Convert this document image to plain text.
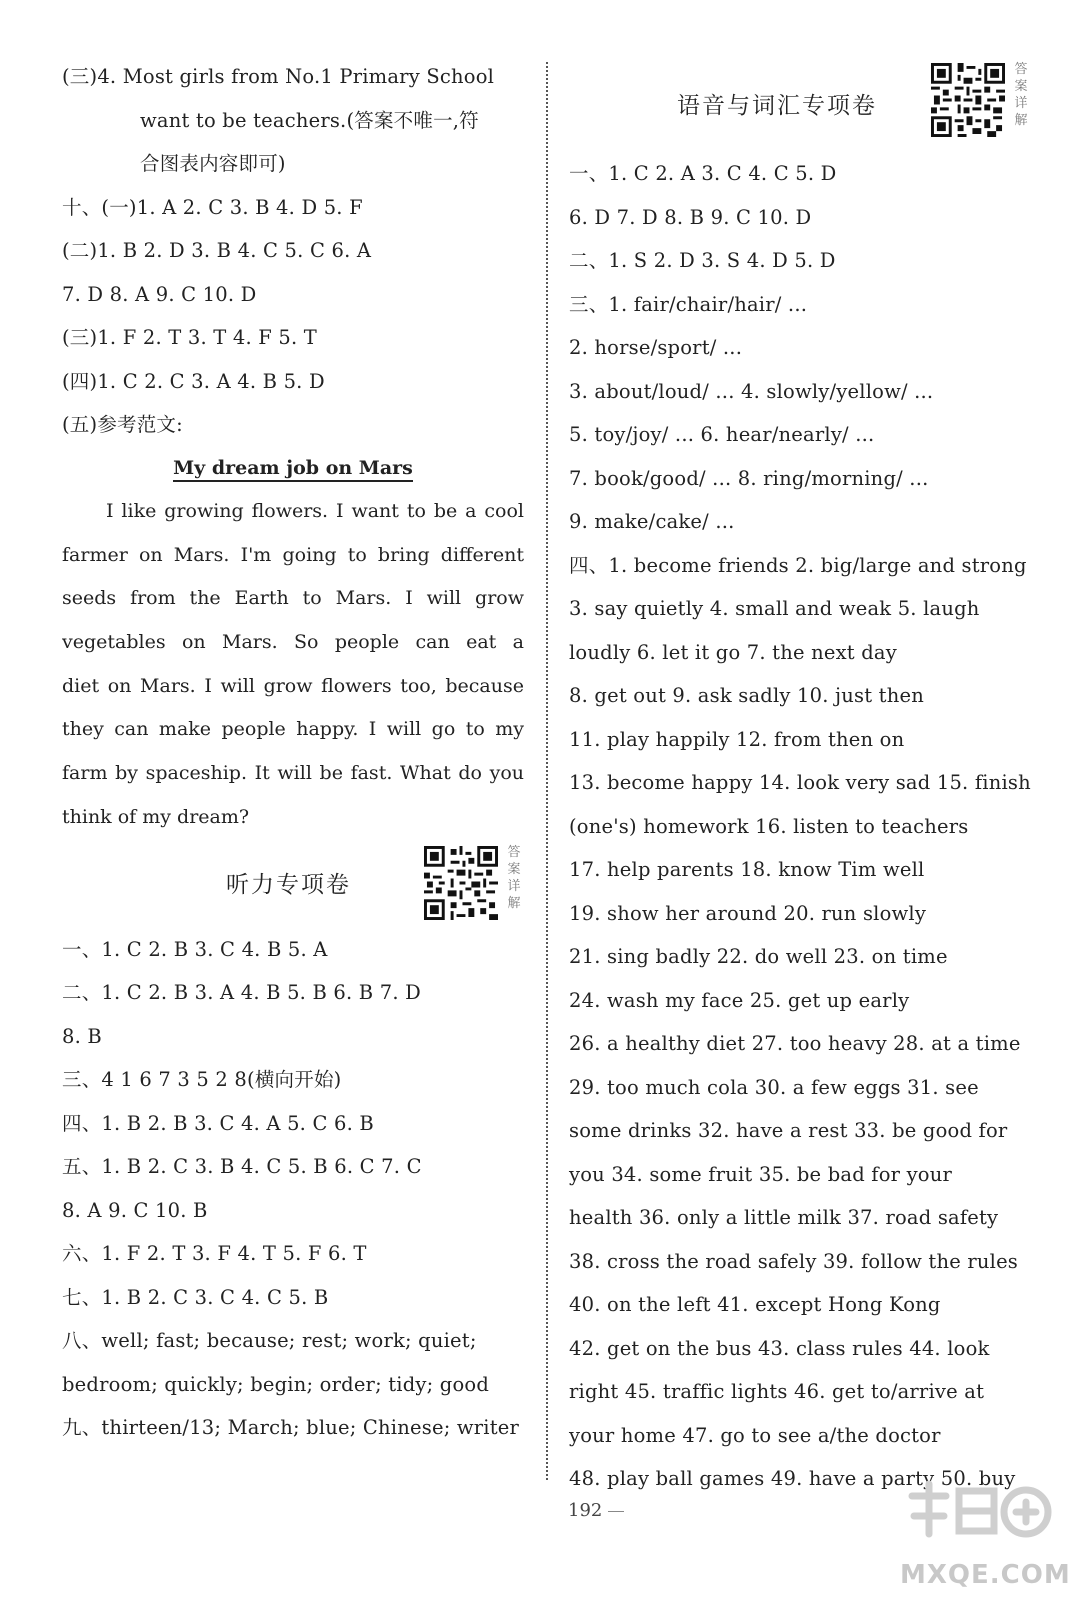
(三)4. Most girls from No.1 Primary School
want to be teachers.(答案不唯一,符
合图表内容即可)
十、(一)1. A 2. C 3. B 4. D 5. F
(二)1. B 2. D 3. B 4. C 5. C 6. A
7. D 8. A 9. C 10. D
(三)1. F 2. T 3. T 4. F 5. T
(四)1. C 2. C 3. A 4. B 5. D
(五)参考范文:
My dream job on Mars
I like growing flowers. I want to be a cool
farmer on Mars. I'm going to bring different
seeds from the Earth to Mars. I will grow
vegetables on Mars. So people can eat a
diet on Mars. I will grow flowers too, because
they can make people happy. I will go to my
farm by spaceship. It will be fast. What do you
think of my dream?
听力专项卷
答案详解
一、1. C 2. B 3. C 4. B 5. A
二、1. C 2. B 3. A 4. B 5. B 6. B 7. D
8. B
三、4 1 6 7 3 5 2 8(横向开始)
四、1. B 2. B 3. C 4. A 5. C 6. B
五、1. B 2. C 3. B 4. C 5. B 6. C 7. C
8. A 9. C 10. B
六、1. F 2. T 3. F 4. T 5. F 6. T
七、1. B 2. C 3. C 4. C 5. B
八、well; fast; because; rest; work; quiet;
bedroom; quickly; begin; order; tidy; good
九、thirteen/13; March; blue; Chinese; writer
语音与词汇专项卷
答案详解
一、1. C 2. A 3. C 4. C 5. D
6. D 7. D 8. B 9. C 10. D
二、1. S 2. D 3. S 4. D 5. D
三、1. fair/chair/hair/ ...
2. horse/sport/ ...
3. about/loud/ ... 4. slowly/yellow/ ...
5. toy/joy/ ... 6. hear/nearly/ ...
7. book/good/ ... 8. ring/morning/ ...
9. make/cake/ ...
四、1. become friends 2. big/large and strong
3. say quietly 4. small and weak 5. laugh
loudly 6. let it go 7. the next day
8. get out 9. ask sadly 10. just then
11. play happily 12. from then on
13. become happy 14. look very sad 15. finish
(one's) homework 16. listen to teachers
17. help parents 18. know Tim well
19. show her around 20. run slowly
21. sing badly 22. do well 23. on time
24. wash my face 25. get up early
26. a healthy diet 27. too heavy 28. at a time
29. too much cola 30. a few eggs 31. see
some drinks 32. have a rest 33. be good for
you 34. some fruit 35. be bad for your
health 36. only a little milk 37. road safety
38. cross the road safely 39. follow the rules
40. on the left 41. except Hong Kong
42. get on the bus 43. class rules 44. look
right 45. traffic lights 46. get to/arrive at
your home 47. go to see a/the doctor
48. play ball games 49. have a party 50. buy
192
MXQE.COM
